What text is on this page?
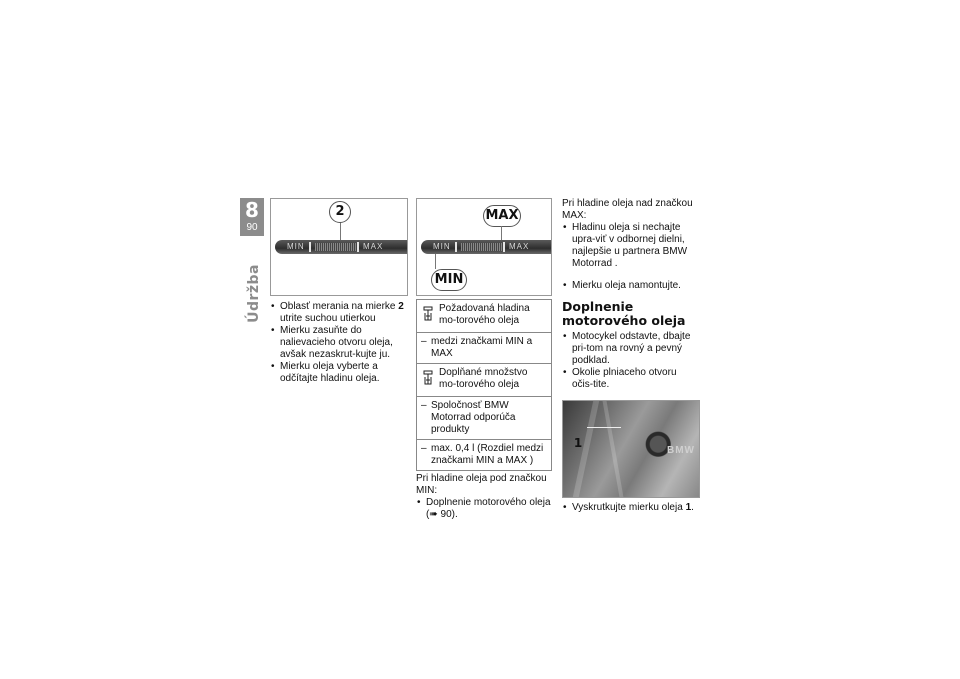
8
90
Údržba
2
MIN	MAX
• Oblasť merania na mierke 2 utrite suchou utierkou
• Mierku zasuňte do nalievacieho otvoru oleja, avšak nezaskrut-kujte ju.
• Mierku oleja vyberte a odčítajte hladinu oleja.
MAX
MIN	MAX
MIN
Požadovaná hladina mo-torového oleja
– medzi značkami MIN a MAX
Doplňané množstvo mo-torového oleja
– Spoločnosť BMW Motorrad odporúča produkty
– max. 0,4 l (Rozdiel medzi značkami MIN a MAX )

Pri hladine oleja pod značkou MIN:

• Doplnenie motorového oleja (➠ 90).

Pri hladine oleja nad značkou MAX:

• Hladinu oleja si nechajte upra-viť v odbornej dielni, najlepšie u partnera BMW Motorrad .
• Mierku oleja namontujte.
Doplnenie motorového oleja
• Motocykel odstavte, dbajte pri-tom na rovný a pevný podklad.
• Okolie plniaceho otvoru očis-tite.
1
BMW
• Vyskrutkujte mierku oleja 1.
